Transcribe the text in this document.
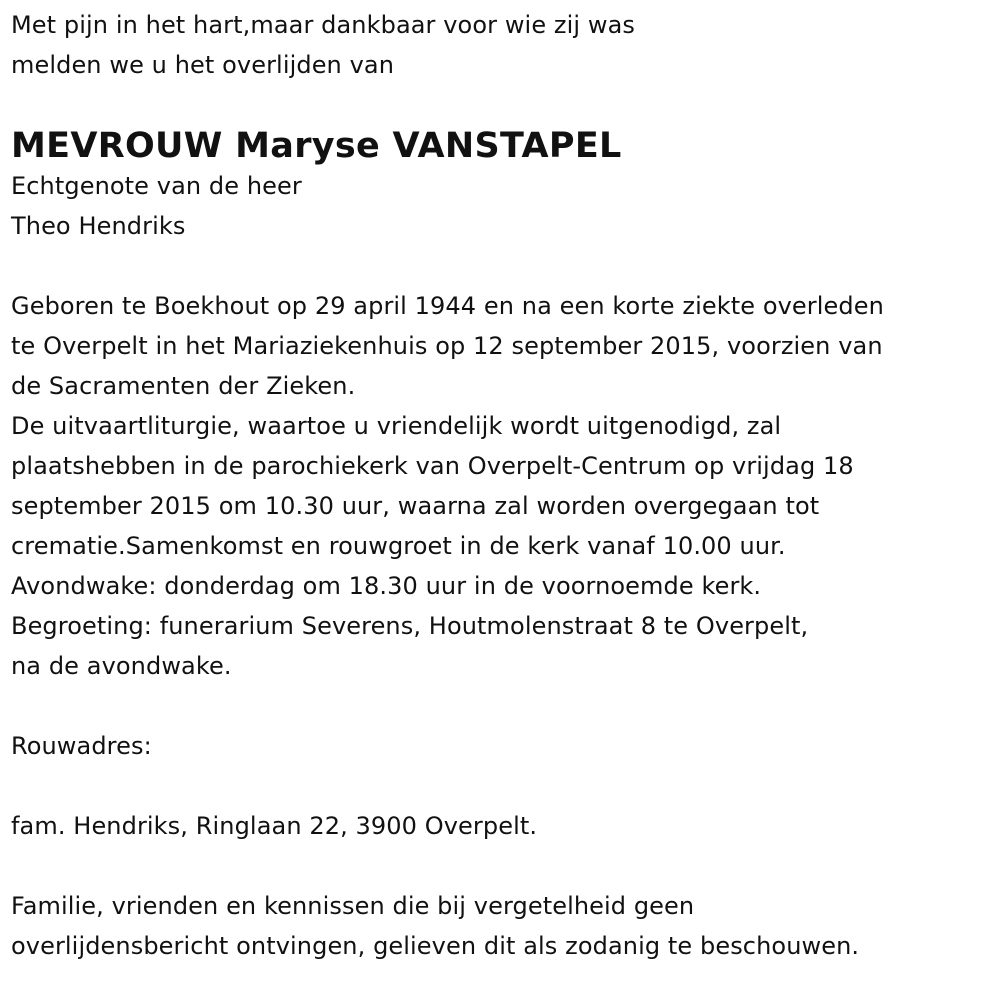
Met pijn in het hart,maar dankbaar voor wie zij was
melden we u het overlijden van
MEVROUW Maryse VANSTAPEL
Echtgenote van de heer
Theo Hendriks
Geboren te Boekhout op 29 april 1944 en na een korte ziekte overleden
te Overpelt in het Mariaziekenhuis op 12 september 2015, voorzien van
de Sacramenten der Zieken.
De uitvaartliturgie, waartoe u vriendelijk wordt uitgenodigd, zal
plaatshebben in de parochiekerk van Overpelt-Centrum op vrijdag 18
september 2015 om 10.30 uur, waarna zal worden overgegaan tot
crematie.Samenkomst en rouwgroet in de kerk vanaf 10.00 uur.
Avondwake: donderdag om 18.30 uur in de voornoemde kerk.
Begroeting: funerarium Severens, Houtmolenstraat 8 te Overpelt,
na de avondwake.
Rouwadres:
fam. Hendriks, Ringlaan 22, 3900 Overpelt.
Familie, vrienden en kennissen die bij vergetelheid geen
overlijdensbericht ontvingen, gelieven dit als zodanig te beschouwen.
